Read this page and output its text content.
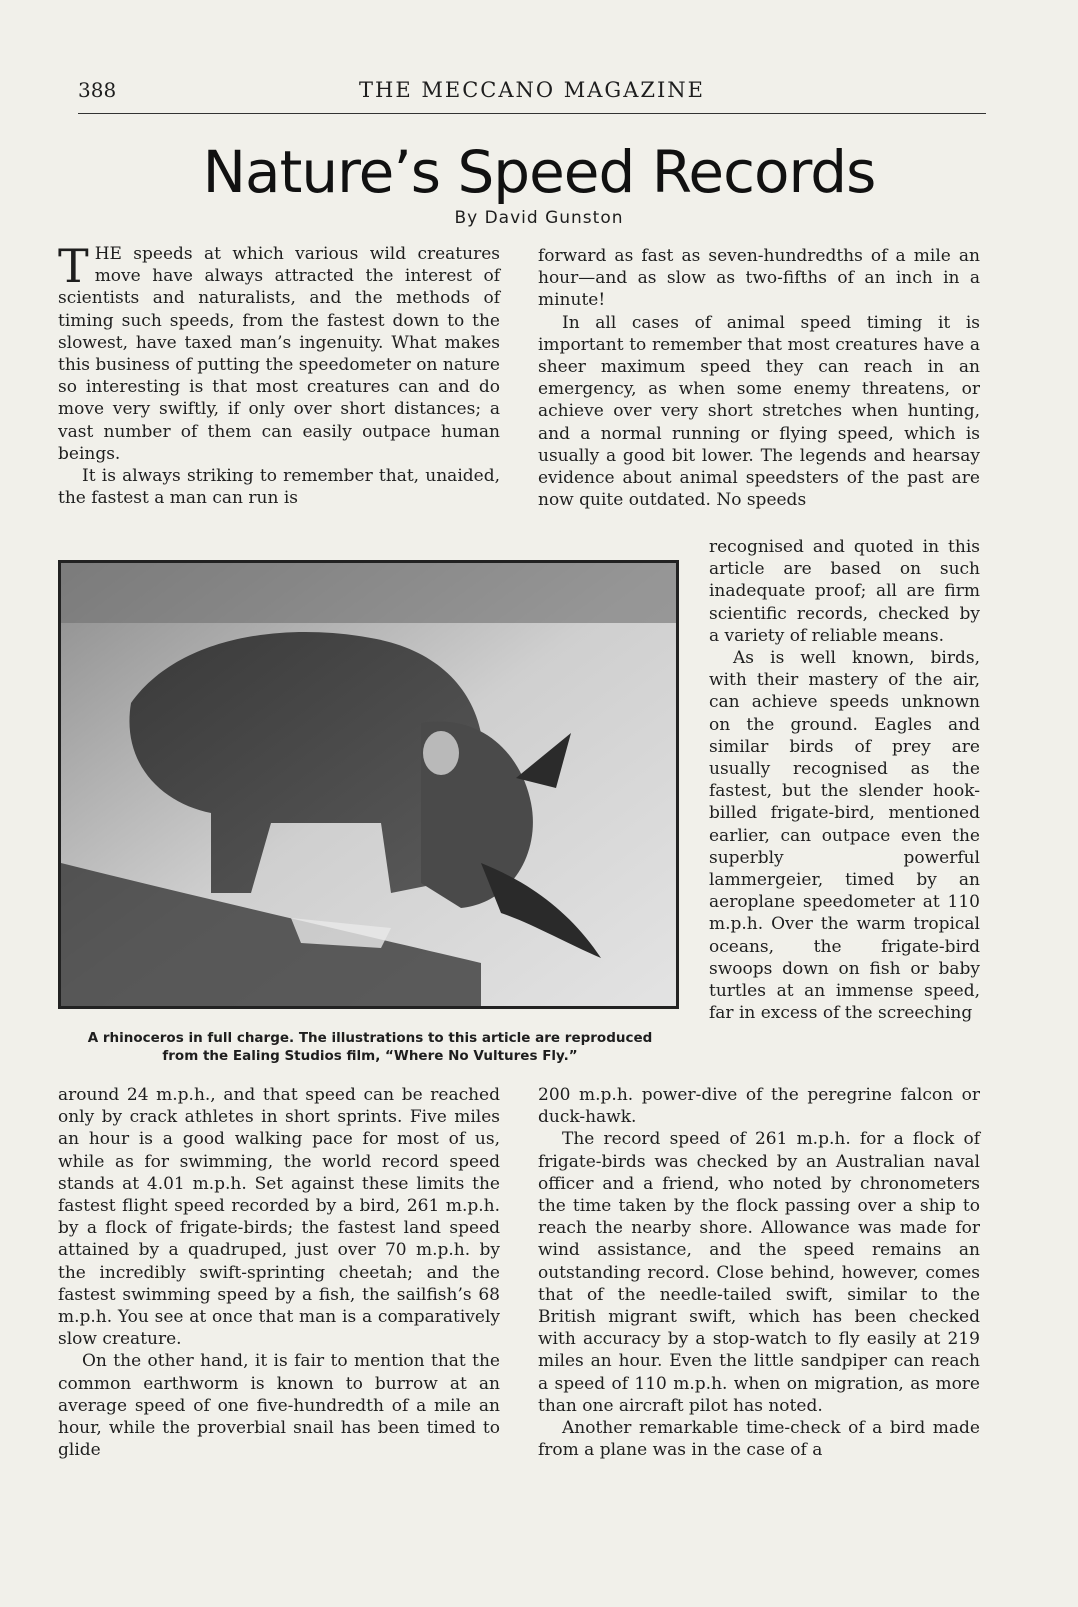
388	THE MECCANO MAGAZINE
Nature’s Speed Records
By David Gunston

THE speeds at which various wild creatures move have always attracted the interest of scientists and naturalists, and the methods of timing such speeds, from the fastest down to the slowest, have taxed man’s ingenuity. What makes this business of putting the speedometer on nature so interesting is that most creatures can and do move very swiftly, if only over short distances; a vast number of them can easily outpace human beings.

It is always striking to remember that, unaided, the fastest a man can run is

forward as fast as seven-hundredths of a mile an hour—and as slow as two-fifths of an inch in a minute!

In all cases of animal speed timing it is important to remember that most creatures have a sheer maximum speed they can reach in an emergency, as when some enemy threatens, or achieve over very short stretches when hunting, and a normal running or flying speed, which is usually a good bit lower. The legends and hearsay evidence about animal speedsters of the past are now quite outdated. No speeds

recognised and quoted in this article are based on such inadequate proof; all are firm scientific records, checked by a variety of reliable means.

As is well known, birds, with their mastery of the air, can achieve speeds unknown on the ground. Eagles and similar birds of prey are usually recognised as the fastest, but the slender hook-billed frigate-bird, mentioned earlier, can outpace even the superbly powerful lammergeier, timed by an aeroplane speedometer at 110 m.p.h. Over the warm tropical oceans, the frigate-bird swoops down on fish or baby turtles at an immense speed, far in excess of the screeching

A rhinoceros in full charge. The illustrations to this article are reproduced
from the Ealing Studios film, “Where No Vultures Fly.”

around 24 m.p.h., and that speed can be reached only by crack athletes in short sprints. Five miles an hour is a good walking pace for most of us, while as for swimming, the world record speed stands at 4.01 m.p.h. Set against these limits the fastest flight speed recorded by a bird, 261 m.p.h. by a flock of frigate-birds; the fastest land speed attained by a quadruped, just over 70 m.p.h. by the incredibly swift-sprinting cheetah; and the fastest swimming speed by a fish, the sailfish’s 68 m.p.h. You see at once that man is a comparatively slow creature.

On the other hand, it is fair to mention that the common earthworm is known to burrow at an average speed of one five-hundredth of a mile an hour, while the proverbial snail has been timed to glide

200 m.p.h. power-dive of the peregrine falcon or duck-hawk.

The record speed of 261 m.p.h. for a flock of frigate-birds was checked by an Australian naval officer and a friend, who noted by chronometers the time taken by the flock passing over a ship to reach the nearby shore. Allowance was made for wind assistance, and the speed remains an outstanding record. Close behind, however, comes that of the needle-tailed swift, similar to the British migrant swift, which has been checked with accuracy by a stop-watch to fly easily at 219 miles an hour. Even the little sandpiper can reach a speed of 110 m.p.h. when on migration, as more than one aircraft pilot has noted.

Another remarkable time-check of a bird made from a plane was in the case of a
